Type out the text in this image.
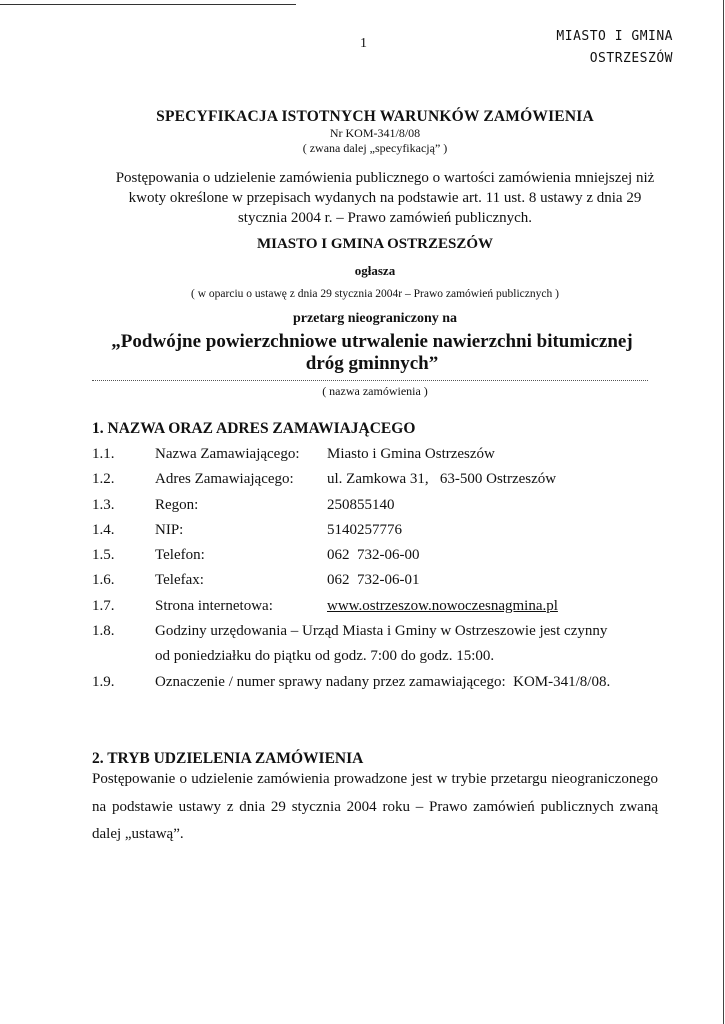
MIASTO I GMINA
OSTRZESZÓW
1
SPECYFIKACJA ISTOTNYCH WARUNKÓW ZAMÓWIENIA
Nr KOM-341/8/08
( zwana dalej „specyfikacją” )
Postępowania o udzielenie zamówienia publicznego o wartości zamówienia mniejszej niż kwoty określone w przepisach wydanych na podstawie art. 11 ust. 8 ustawy z dnia 29 stycznia 2004 r. – Prawo zamówień publicznych.
MIASTO I GMINA OSTRZESZÓW
ogłasza
( w oparciu o ustawę z dnia 29 stycznia 2004r – Prawo zamówień publicznych )
przetarg nieograniczony na
„Podwójne powierzchniowe utrwalenie nawierzchni bitumicznej dróg gminnych”
( nazwa zamówienia )
1. NAZWA ORAZ ADRES ZAMAWIAJĄCEGO
1.1.	Nazwa Zamawiającego: Miasto i Gmina Ostrzeszów
1.2.	Adres Zamawiającego: ul. Zamkowa 31,   63-500 Ostrzeszów
1.3.	Regon:	250855140
1.4.	NIP:	5140257776
1.5.	Telefon:	062  732-06-00
1.6.	Telefax:	062  732-06-01
1.7.	Strona internetowa:	www.ostrzeszow.nowoczesnagmina.pl
1.8.	Godziny urzędowania – Urząd Miasta i Gminy w Ostrzeszowie jest czynny
od poniedziałku do piątku od godz. 7:00 do godz. 15:00.
1.9.	Oznaczenie / numer sprawy nadany przez zamawiającego:  KOM-341/8/08.
2. TRYB UDZIELENIA ZAMÓWIENIA
Postępowanie o udzielenie zamówienia prowadzone jest w trybie przetargu nieograniczonego na podstawie ustawy z dnia 29 stycznia 2004 roku – Prawo zamówień publicznych zwaną dalej „ustawą”.
